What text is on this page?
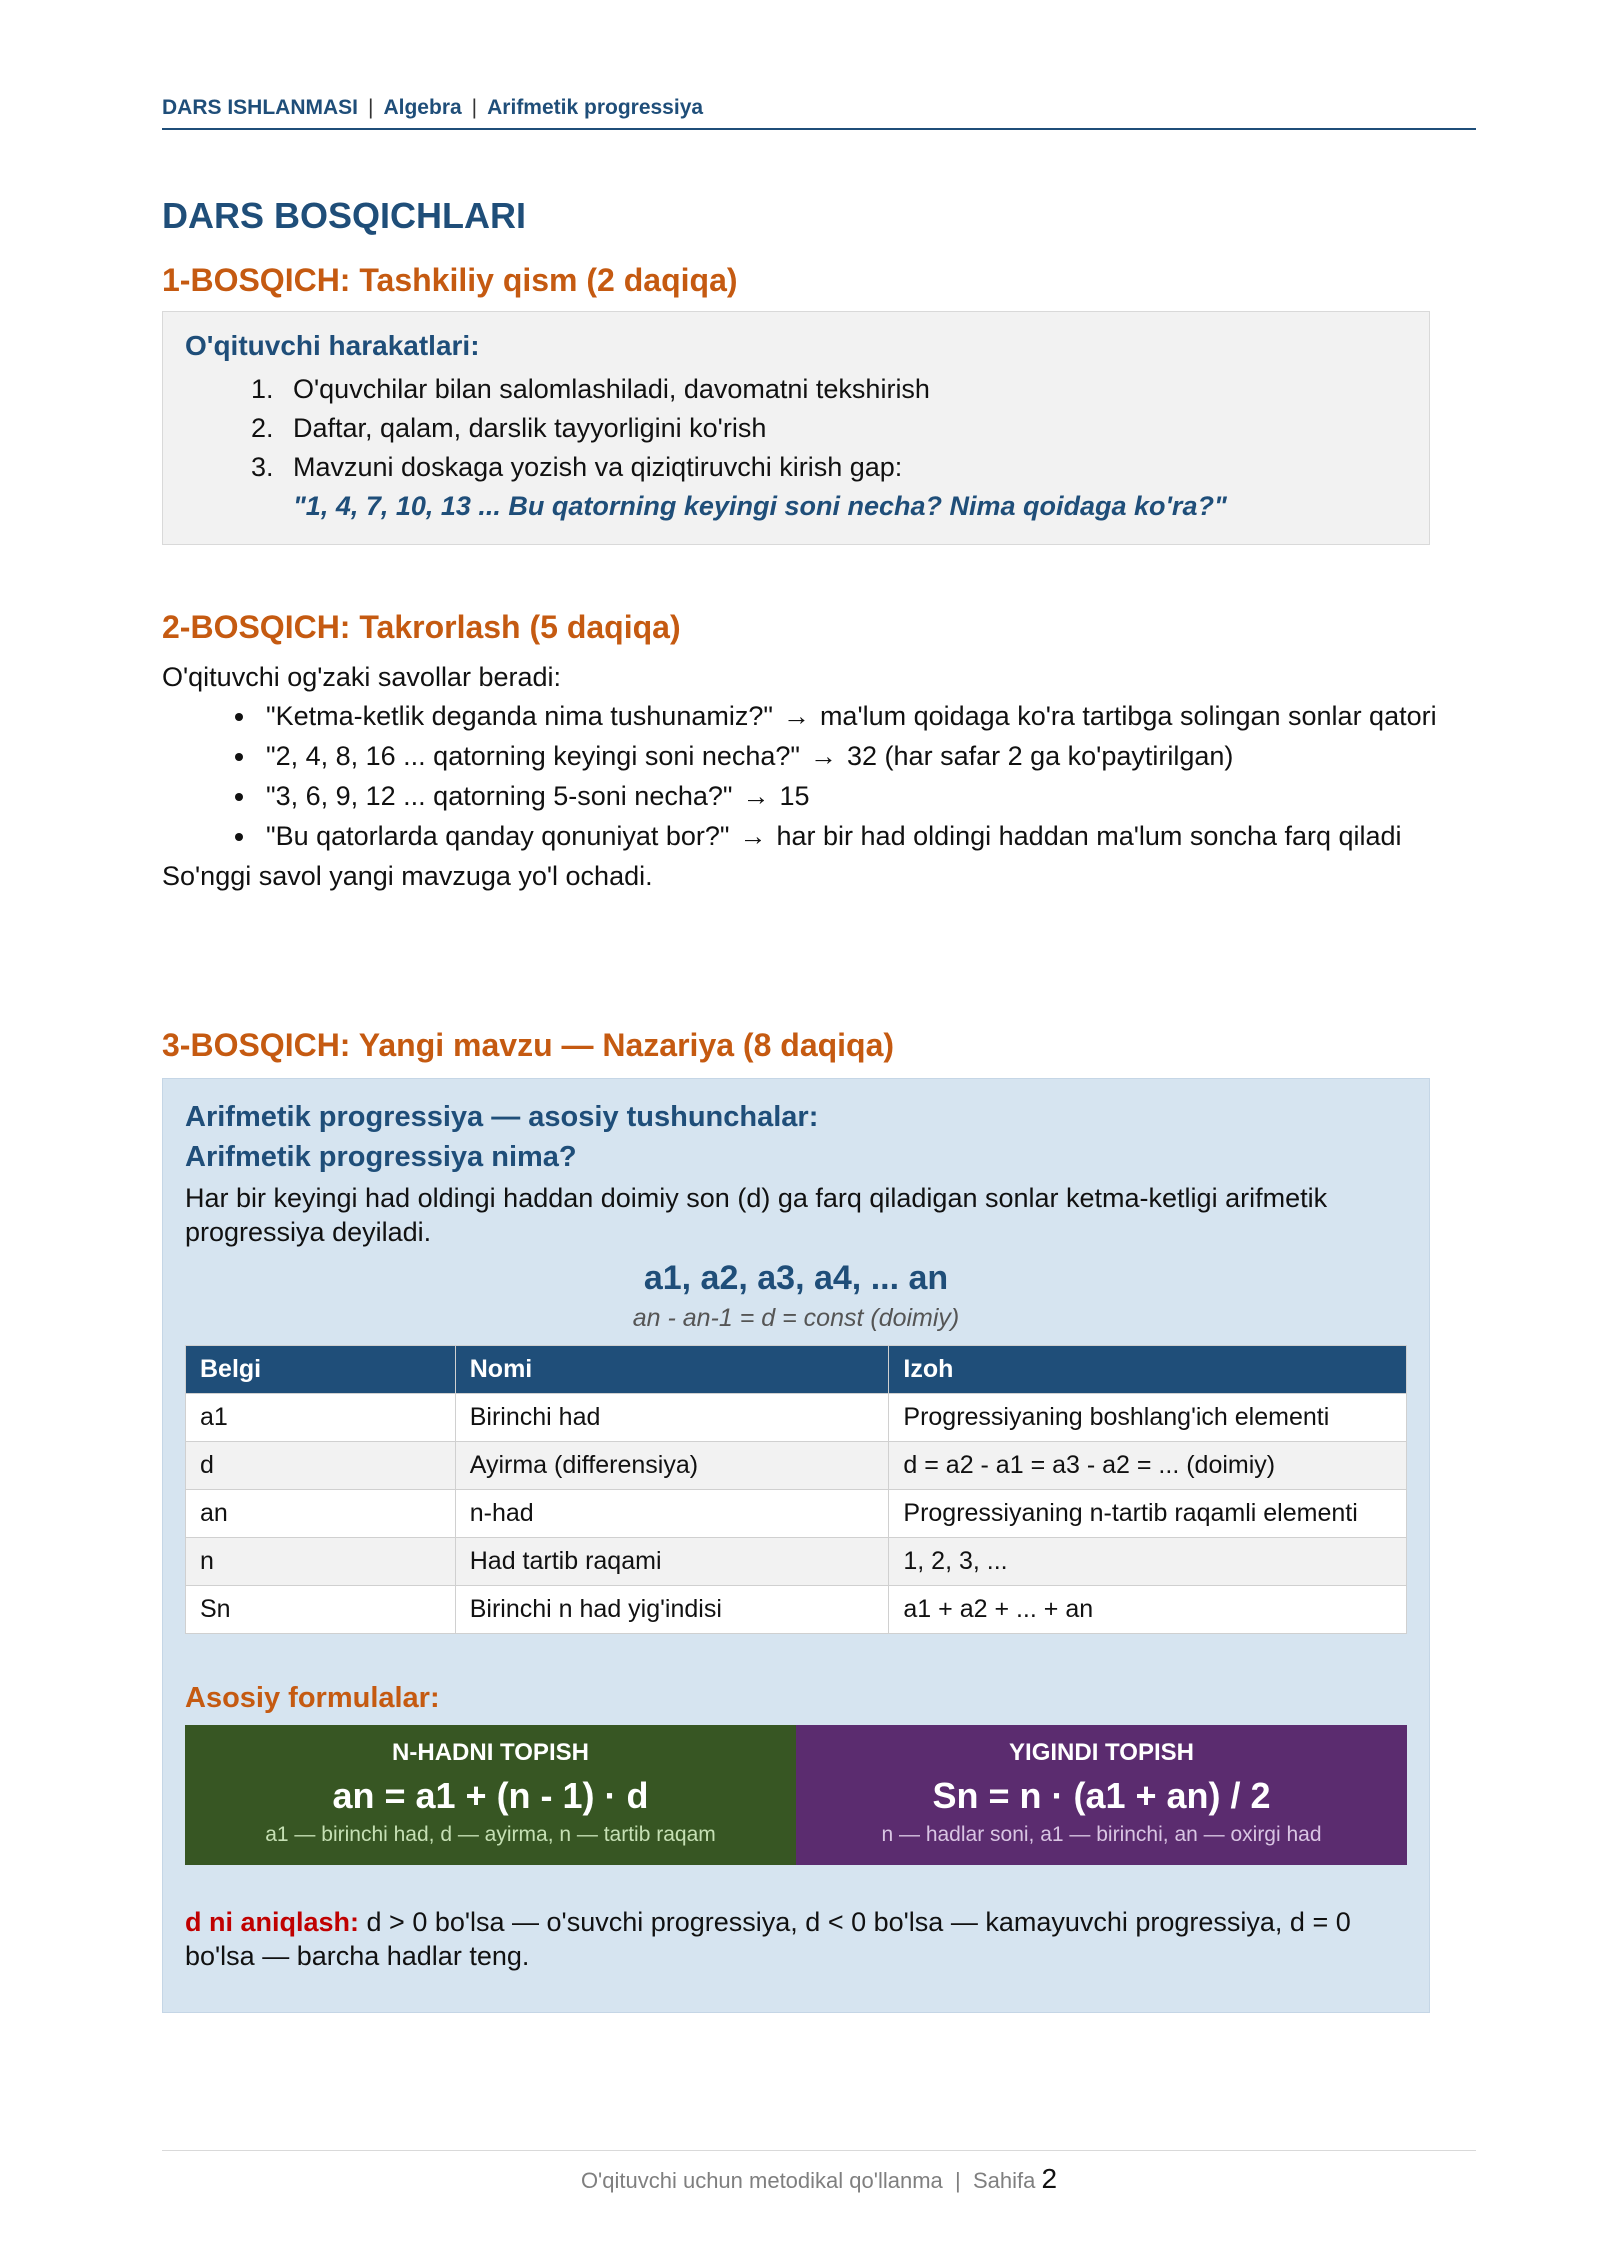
DARS ISHLANMASI | Algebra | Arifmetik progressiya
DARS BOSQICHLARI
1-BOSQICH: Tashkiliy qism (2 daqiqa)
O'qituvchi harakatlari:
1. O'quvchilar bilan salomlashiladi, davomatni tekshirish
2. Daftar, qalam, darslik tayyorligini ko'rish
3. Mavzuni doskaga yozish va qiziqtiruvchi kirish gap:
"1, 4, 7, 10, 13 ... Bu qatorning keyingi soni necha? Nima qoidaga ko'ra?"
2-BOSQICH: Takrorlash (5 daqiqa)
O'qituvchi og'zaki savollar beradi:
• "Ketma-ketlik deganda nima tushunamiz?" → ma'lum qoidaga ko'ra tartibga solingan sonlar qatori
• "2, 4, 8, 16 ... qatorning keyingi soni necha?" → 32 (har safar 2 ga ko'paytirilgan)
• "3, 6, 9, 12 ... qatorning 5-soni necha?" → 15
• "Bu qatorlarda qanday qonuniyat bor?" → har bir had oldingi haddan ma'lum soncha farq qiladi
So'nggi savol yangi mavzuga yo'l ochadi.
3-BOSQICH: Yangi mavzu — Nazariya (8 daqiqa)
Arifmetik progressiya — asosiy tushunchalar:
Arifmetik progressiya nima?
Har bir keyingi had oldingi haddan doimiy son (d) ga farq qiladigan sonlar ketma-ketligi arifmetik progressiya deyiladi.
a1, a2, a3, a4, ... an
an - an-1 = d = const (doimiy)
Belgi	Nomi	Izoh
a1	Birinchi had	Progressiyaning boshlang'ich elementi
d	Ayirma (differensiya)	d = a2 - a1 = a3 - a2 = ... (doimiy)
an	n-had	Progressiyaning n-tartib raqamli elementi
n	Had tartib raqami	1, 2, 3, ...
Sn	Birinchi n had yig'indisi	a1 + a2 + ... + an
Asosiy formulalar:
N-HADNI TOPISH
an = a1 + (n - 1) · d
a1 — birinchi had, d — ayirma, n — tartib raqam
YIGINDI TOPISH
Sn = n · (a1 + an) / 2
n — hadlar soni, a1 — birinchi, an — oxirgi had
d ni aniqlash: d > 0 bo'lsa — o'suvchi progressiya, d < 0 bo'lsa — kamayuvchi progressiya, d = 0 bo'lsa — barcha hadlar teng.
O'qituvchi uchun metodikal qo'llanma | Sahifa 2
